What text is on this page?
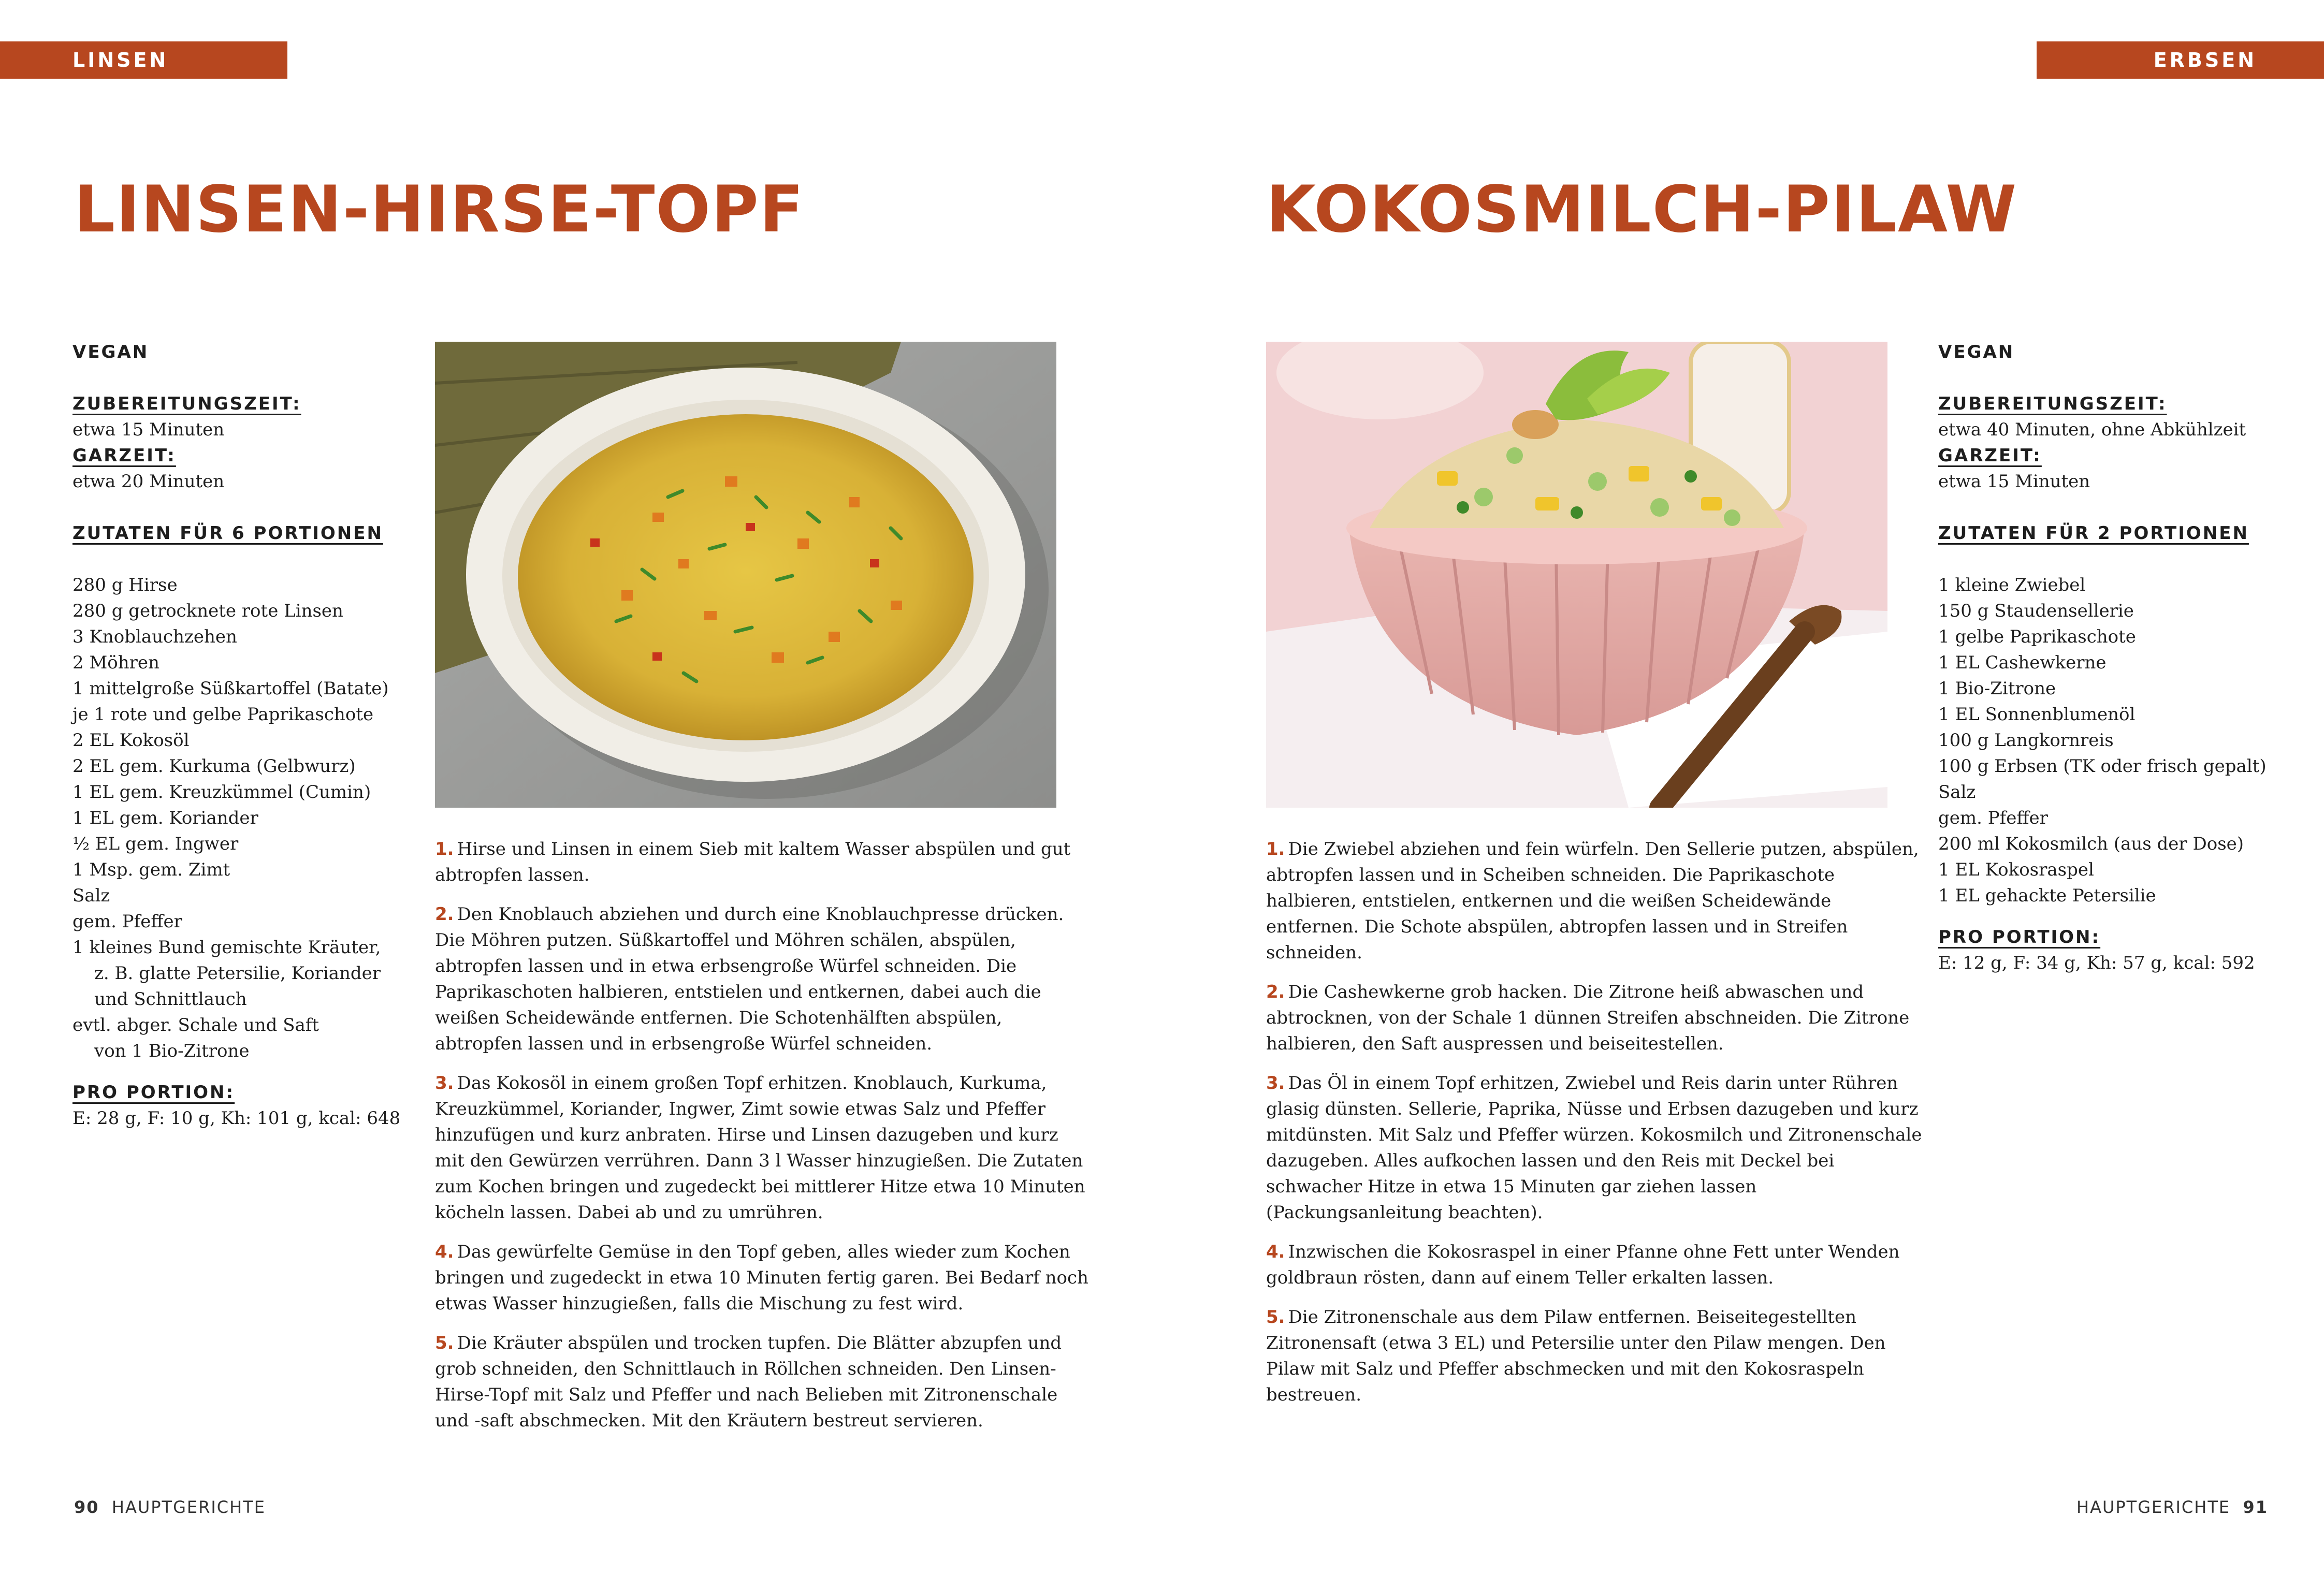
LINSEN
LINSEN-HIRSE-TOPF
VEGAN
ZUBEREITUNGSZEIT:
etwa 15 Minuten
GARZEIT:
etwa 20 Minuten
ZUTATEN FÜR 6 PORTIONEN
280 g Hirse
280 g getrocknete rote Linsen
3 Knoblauchzehen
2 Möhren
1 mittelgroße Süßkartoffel (Batate)
je 1 rote und gelbe Paprikaschote
2 EL Kokosöl
2 EL gem. Kurkuma (Gelbwurz)
1 EL gem. Kreuzkümmel (Cumin)
1 EL gem. Koriander
½ EL gem. Ingwer
1 Msp. gem. Zimt
Salz
gem. Pfeffer
1 kleines Bund gemischte Kräuter,
z. B. glatte Petersilie, Koriander
und Schnittlauch
evtl. abger. Schale und Saft
von 1 Bio-Zitrone
PRO PORTION:
E: 28 g, F: 10 g, Kh: 101 g, kcal: 648

1. Hirse und Linsen in einem Sieb mit kaltem Wasser abspülen und gut abtropfen lassen.

2. Den Knoblauch abziehen und durch eine Knoblauchpresse drücken. Die Möhren putzen. Süßkartoffel und Möhren schälen, abspülen, abtropfen lassen und in etwa erbsengroße Würfel schneiden. Die Paprikaschoten halbieren, entstielen und entkernen, dabei auch die weißen Scheidewände entfernen. Die Schotenhälften abspülen, abtropfen lassen und in erbsengroße Würfel schneiden.

3. Das Kokosöl in einem großen Topf erhitzen. Knoblauch, Kurkuma, Kreuzkümmel, Koriander, Ingwer, Zimt sowie etwas Salz und Pfeffer hinzufügen und kurz anbraten. Hirse und Linsen dazugeben und kurz mit den Gewürzen verrühren. Dann 3 l Wasser hinzugießen. Die Zutaten zum Kochen bringen und zugedeckt bei mittlerer Hitze etwa 10 Minuten köcheln lassen. Dabei ab und zu umrühren.

4. Das gewürfelte Gemüse in den Topf geben, alles wieder zum Kochen bringen und zugedeckt in etwa 10 Minuten fertig garen. Bei Bedarf noch etwas Wasser hinzugießen, falls die Mischung zu fest wird.

5. Die Kräuter abspülen und trocken tupfen. Die Blätter abzupfen und grob schneiden, den Schnittlauch in Röllchen schneiden. Den Linsen-Hirse-Topf mit Salz und Pfeffer und nach Belieben mit Zitronenschale und -saft abschmecken. Mit den Kräutern bestreut servieren.

90 HAUPTGERICHTE
ERBSEN
KOKOSMILCH-PILAW

1. Die Zwiebel abziehen und fein würfeln. Den Sellerie putzen, abspülen, abtropfen lassen und in Scheiben schneiden. Die Paprikaschote halbieren, entstielen, entkernen und die weißen Scheidewände entfernen. Die Schote abspülen, abtropfen lassen und in Streifen schneiden.

2. Die Cashewkerne grob hacken. Die Zitrone heiß abwaschen und abtrocknen, von der Schale 1 dünnen Streifen abschneiden. Die Zitrone halbieren, den Saft auspressen und beiseitestellen.

3. Das Öl in einem Topf erhitzen, Zwiebel und Reis darin unter Rühren glasig dünsten. Sellerie, Paprika, Nüsse und Erbsen dazugeben und kurz mitdünsten. Mit Salz und Pfeffer würzen. Kokosmilch und Zitronenschale dazugeben. Alles aufkochen lassen und den Reis mit Deckel bei schwacher Hitze in etwa 15 Minuten gar ziehen lassen (Packungsanleitung beachten).

4. Inzwischen die Kokosraspel in einer Pfanne ohne Fett unter Wenden goldbraun rösten, dann auf einem Teller erkalten lassen.

5. Die Zitronenschale aus dem Pilaw entfernen. Beiseitegestellten Zitronensaft (etwa 3 EL) und Petersilie unter den Pilaw mengen. Den Pilaw mit Salz und Pfeffer abschmecken und mit den Kokosraspeln bestreuen.

VEGAN
ZUBEREITUNGSZEIT:
etwa 40 Minuten, ohne Abkühlzeit
GARZEIT:
etwa 15 Minuten
ZUTATEN FÜR 2 PORTIONEN
1 kleine Zwiebel
150 g Staudensellerie
1 gelbe Paprikaschote
1 EL Cashewkerne
1 Bio-Zitrone
1 EL Sonnenblumenöl
100 g Langkornreis
100 g Erbsen (TK oder frisch gepalt)
Salz
gem. Pfeffer
200 ml Kokosmilch (aus der Dose)
1 EL Kokosraspel
1 EL gehackte Petersilie
PRO PORTION:
E: 12 g, F: 34 g, Kh: 57 g, kcal: 592
HAUPTGERICHTE 91
